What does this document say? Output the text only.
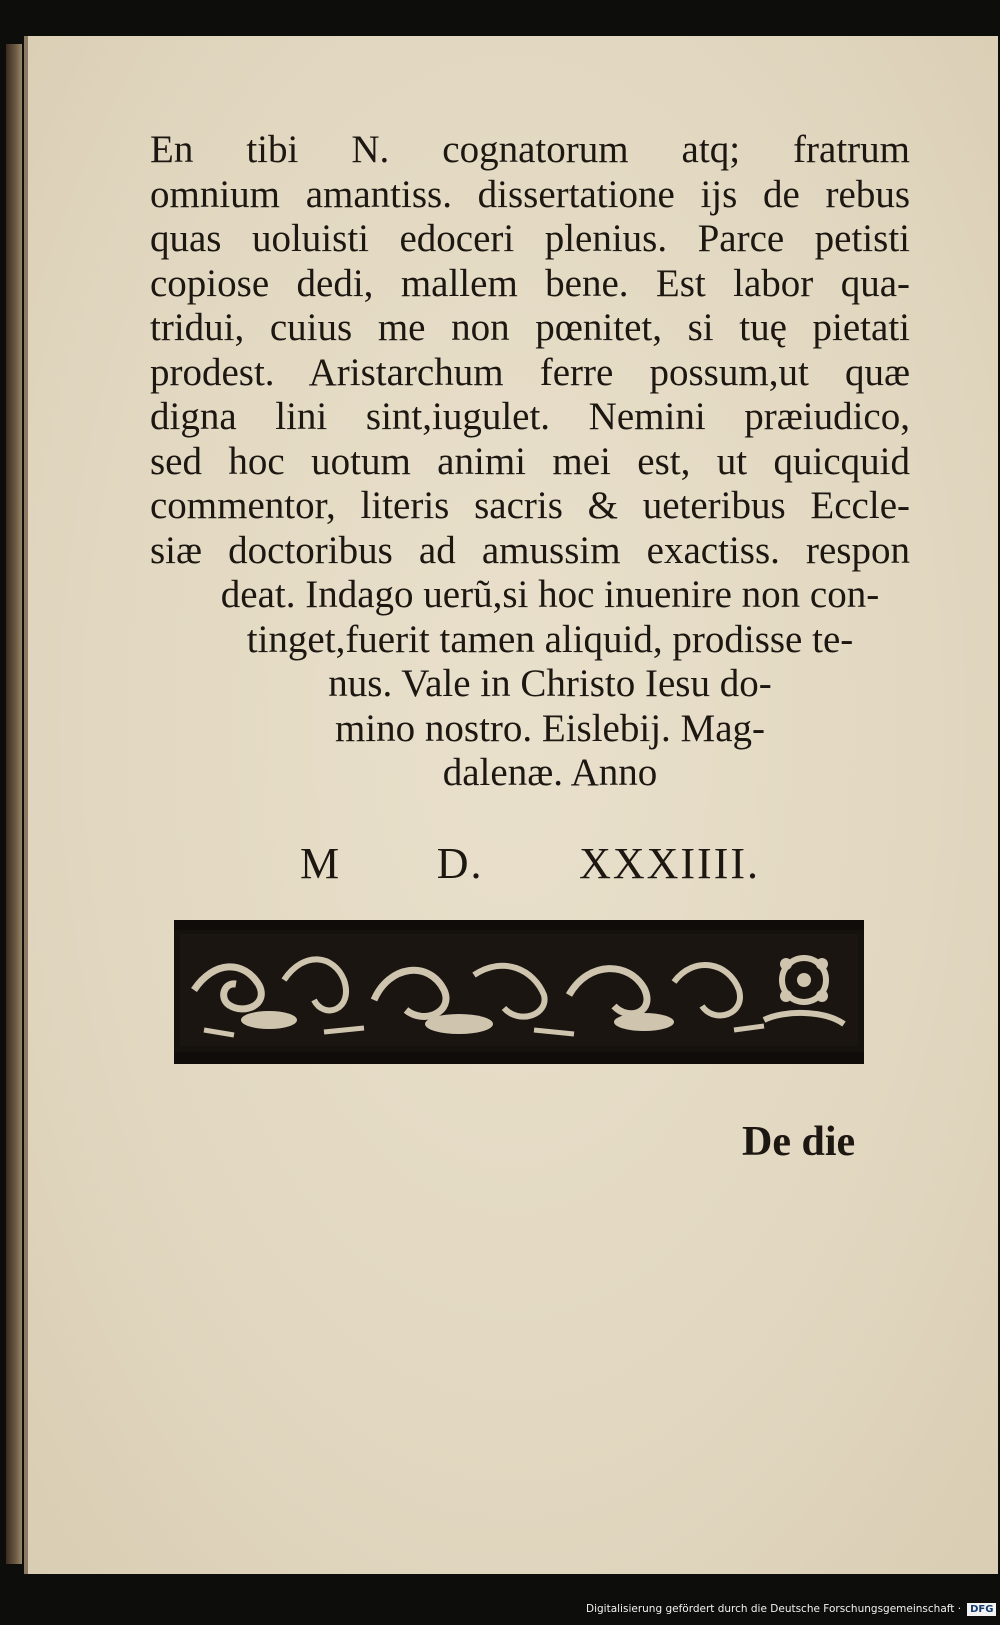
En tibi N. cognatorum atq; fratrum
omnium amantiss. dissertatione ijs de rebus
quas uoluisti edoceri plenius. Parce petisti
copiose dedi, mallem bene. Est labor qua-
tridui, cuius me non pœnitet, si tuę pietati
prodest. Aristarchum ferre possum,ut quæ
digna lini sint,iugulet. Nemini præiudico,
sed hoc uotum animi mei est, ut quicquid
commentor, literis sacris & ueteribus Eccle-
siæ doctoribus ad amussim exactiss. respon
deat. Indago uerũ,si hoc inuenire non con-
tinget,fuerit tamen aliquid, prodisse te-
nus. Vale in Christo Iesu do-
mino nostro. Eislebij. Mag-
dalenæ. Anno
M D. XXXIIII.
De die
Digitalisierung gefördert durch die Deutsche Forschungsgemeinschaft · DFG
